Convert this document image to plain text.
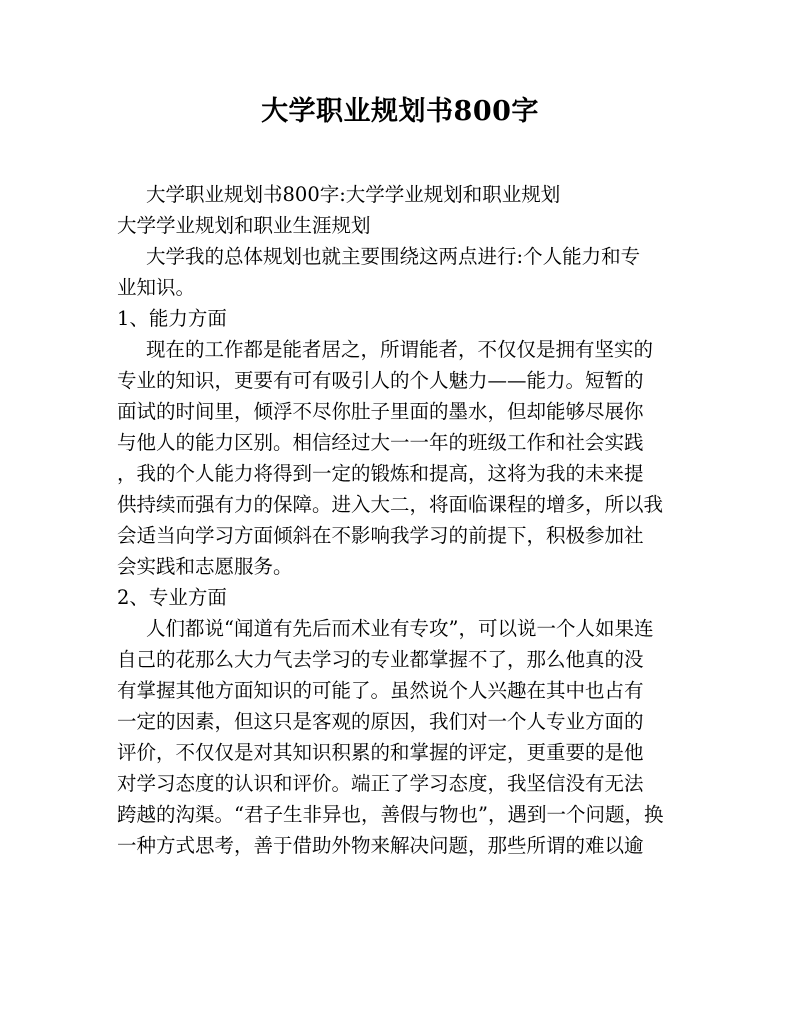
大学职业规划书800字
大学职业规划书800字:大学学业规划和职业规划
大学学业规划和职业生涯规划
大学我的总体规划也就主要围绕这两点进行:个人能力和专
业知识。
1、能力方面
现在的工作都是能者居之，所谓能者，不仅仅是拥有坚实的
专业的知识，更要有可有吸引人的个人魅力——能力。短暂的
面试的时间里，倾浮不尽你肚子里面的墨水，但却能够尽展你
与他人的能力区别。相信经过大一一年的班级工作和社会实践
，我的个人能力将得到一定的锻炼和提高，这将为我的未来提
供持续而强有力的保障。进入大二，将面临课程的增多，所以我
会适当向学习方面倾斜在不影响我学习的前提下，积极参加社
会实践和志愿服务。
2、专业方面
人们都说“闻道有先后而术业有专攻”，可以说一个人如果连
自己的花那么大力气去学习的专业都掌握不了，那么他真的没
有掌握其他方面知识的可能了。虽然说个人兴趣在其中也占有
一定的因素，但这只是客观的原因，我们对一个人专业方面的
评价，不仅仅是对其知识积累的和掌握的评定，更重要的是他
对学习态度的认识和评价。端正了学习态度，我坚信没有无法
跨越的沟渠。“君子生非异也，善假与物也”，遇到一个问题，换
一种方式思考，善于借助外物来解决问题，那些所谓的难以逾
